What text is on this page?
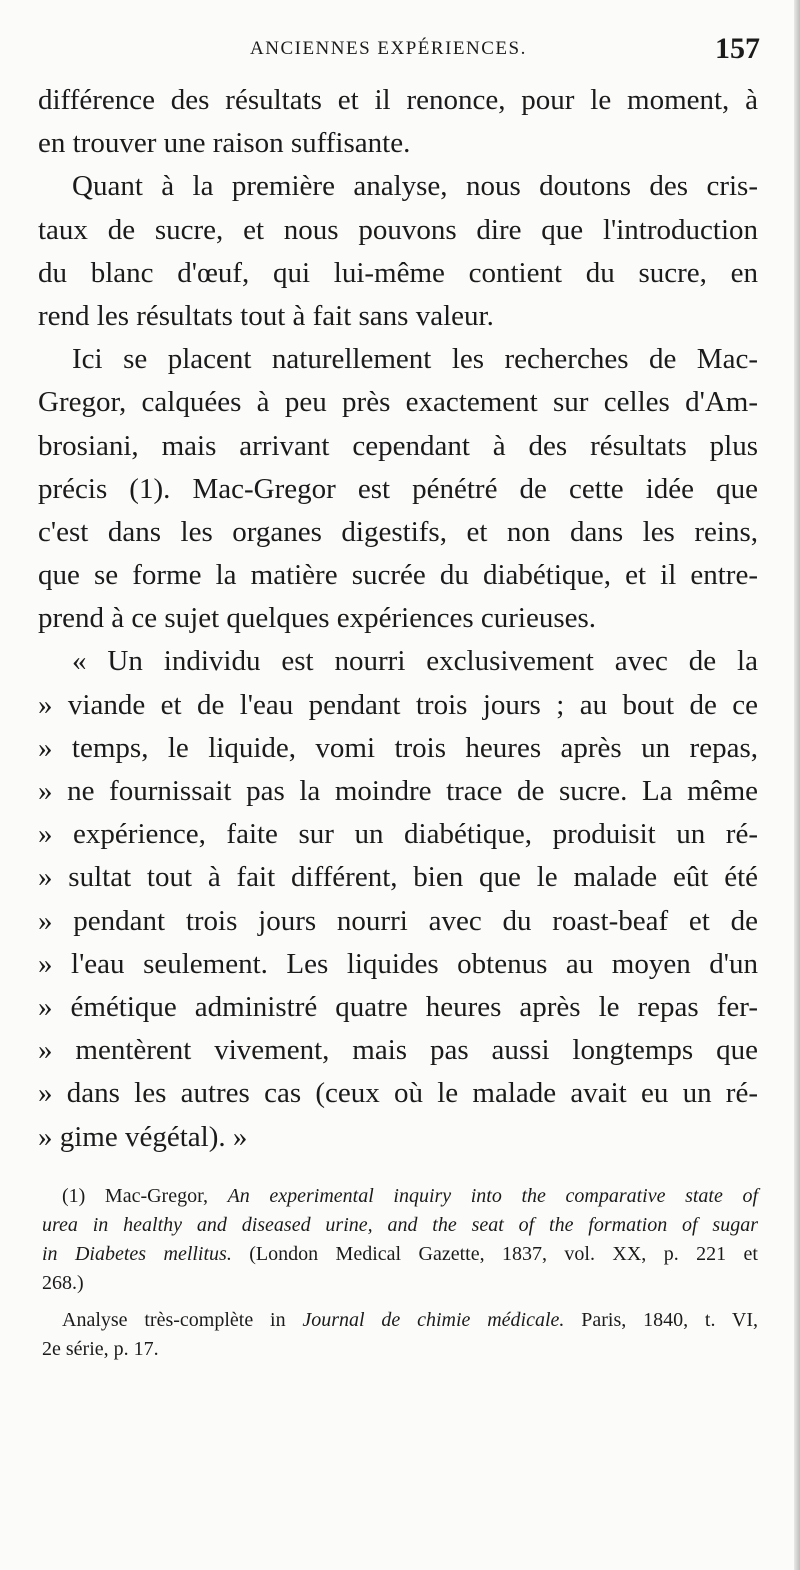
ANCIENNES EXPÉRIENCES.	157
différence des résultats et il renonce, pour le moment, à
en trouver une raison suffisante.
Quant à la première analyse, nous doutons des cris-
taux de sucre, et nous pouvons dire que l'introduction
du blanc d'œuf, qui lui-même contient du sucre, en
rend les résultats tout à fait sans valeur.
Ici se placent naturellement les recherches de Mac-
Gregor, calquées à peu près exactement sur celles d'Am-
brosiani, mais arrivant cependant à des résultats plus
précis (1). Mac-Gregor est pénétré de cette idée que
c'est dans les organes digestifs, et non dans les reins,
que se forme la matière sucrée du diabétique, et il entre-
prend à ce sujet quelques expériences curieuses.
« Un individu est nourri exclusivement avec de la
» viande et de l'eau pendant trois jours ; au bout de ce
» temps, le liquide, vomi trois heures après un repas,
» ne fournissait pas la moindre trace de sucre. La même
» expérience, faite sur un diabétique, produisit un ré-
» sultat tout à fait différent, bien que le malade eût été
» pendant trois jours nourri avec du roast-beaf et de
» l'eau seulement. Les liquides obtenus au moyen d'un
» émétique administré quatre heures après le repas fer-
» mentèrent vivement, mais pas aussi longtemps que
» dans les autres cas (ceux où le malade avait eu un ré-
» gime végétal). »
(1) Mac-Gregor, An experimental inquiry into the comparative state of
urea in healthy and diseased urine, and the seat of the formation of sugar
in Diabetes mellitus. (London Medical Gazette, 1837, vol. XX, p. 221 et
268.)
Analyse très-complète in Journal de chimie médicale. Paris, 1840, t. VI,
2e série, p. 17.
